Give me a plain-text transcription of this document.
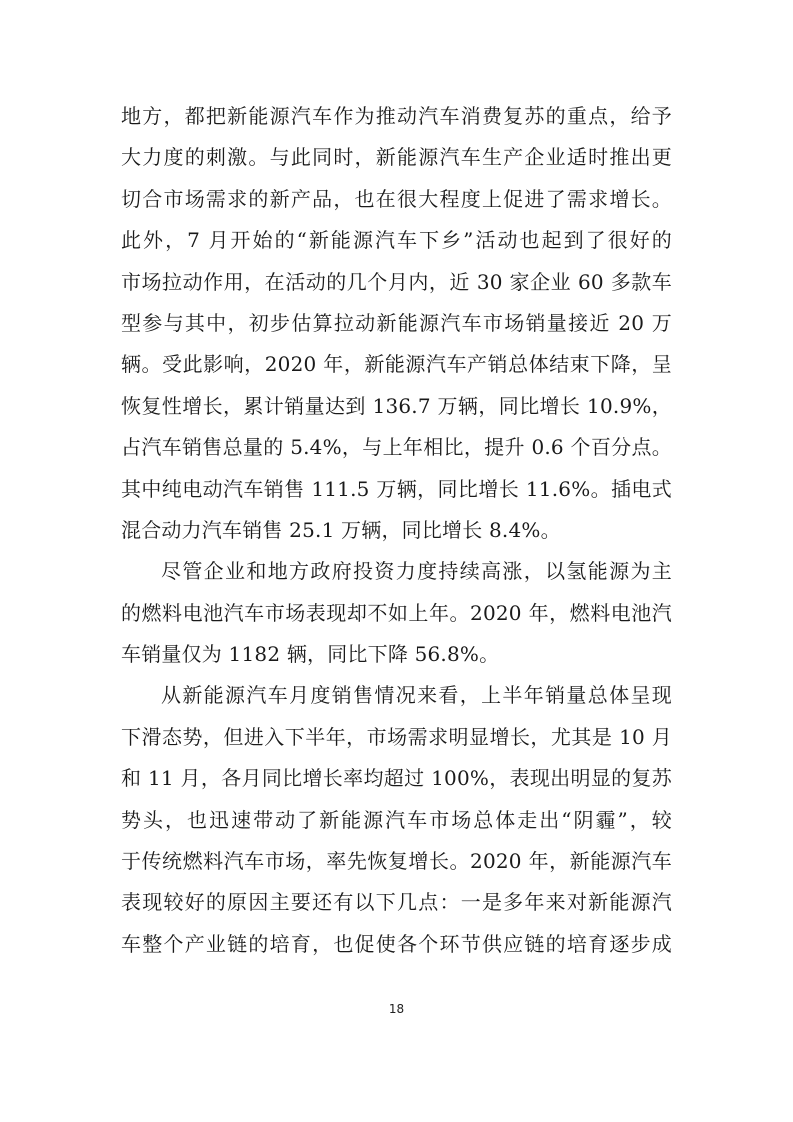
地方，都把新能源汽车作为推动汽车消费复苏的重点，给予
大力度的刺激。与此同时，新能源汽车生产企业适时推出更
切合市场需求的新产品，也在很大程度上促进了需求增长。
此外，7 月开始的“新能源汽车下乡”活动也起到了很好的
市场拉动作用，在活动的几个月内，近 30 家企业 60 多款车
型参与其中，初步估算拉动新能源汽车市场销量接近 20 万
辆。受此影响，2020 年，新能源汽车产销总体结束下降，呈
恢复性增长，累计销量达到 136.7 万辆，同比增长 10.9%，
占汽车销售总量的 5.4%，与上年相比，提升 0.6 个百分点。
其中纯电动汽车销售 111.5 万辆，同比增长 11.6%。插电式
混合动力汽车销售 25.1 万辆，同比增长 8.4%。
尽管企业和地方政府投资力度持续高涨，以氢能源为主
的燃料电池汽车市场表现却不如上年。2020 年，燃料电池汽
车销量仅为 1182 辆，同比下降 56.8%。
从新能源汽车月度销售情况来看，上半年销量总体呈现
下滑态势，但进入下半年，市场需求明显增长，尤其是 10 月
和 11 月，各月同比增长率均超过 100%，表现出明显的复苏
势头，也迅速带动了新能源汽车市场总体走出“阴霾”，较
于传统燃料汽车市场，率先恢复增长。2020 年，新能源汽车
表现较好的原因主要还有以下几点：一是多年来对新能源汽
车整个产业链的培育，也促使各个环节供应链的培育逐步成
18
